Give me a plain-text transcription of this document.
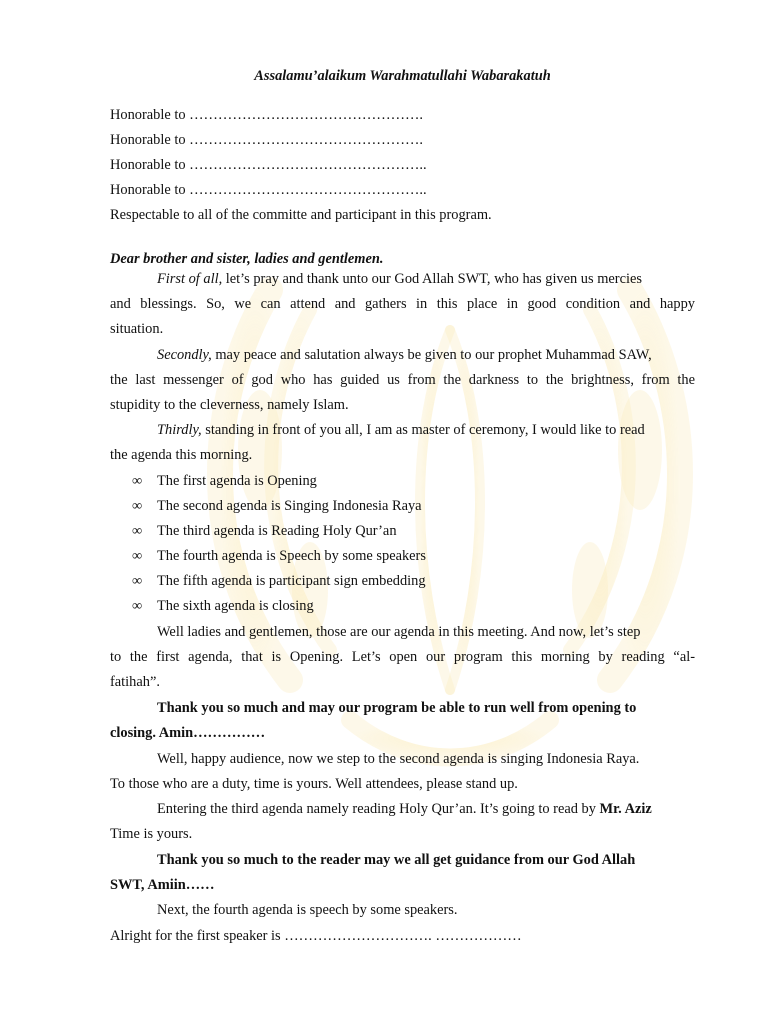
Assalamu’alaikum Warahmatullahi Wabarakatuh
Honorable to ………………………………………….
Honorable to ………………………………………….
Honorable to …………………………………………..
Honorable to …………………………………………..
Respectable to all of the committe and participant in this program.
Dear brother and sister, ladies and gentlemen.
First of all, let’s pray and thank unto our God Allah SWT, who has given us mercies
and blessings. So, we can attend and gathers in this place in good condition and happy
situation.
Secondly, may peace and salutation always be given to our prophet Muhammad SAW,
the last messenger of god who has guided us from the darkness to the brightness, from the
stupidity to the cleverness, namely Islam.
Thirdly, standing in front of you all, I am as master of ceremony, I would like to read
the agenda this morning.
∞ The first agenda is Opening
∞ The second agenda is Singing Indonesia Raya
∞ The third agenda is Reading Holy Qur’an
∞ The fourth agenda is Speech by some speakers
∞ The fifth agenda is participant sign embedding
∞ The sixth agenda is closing
Well ladies and gentlemen, those are our agenda in this meeting. And now, let’s step
to the first agenda, that is Opening. Let’s open our program this morning by reading “al-
fatihah”.
Thank you so much and may our program be able to run well from opening to
closing. Amin……………
Well, happy audience, now we step to the second agenda is singing Indonesia Raya.
To those who are a duty, time is yours. Well attendees, please stand up.
Entering the third agenda namely reading Holy Qur’an. It’s going to read by Mr. Aziz
Time is yours.
Thank you so much to the reader may we all get guidance from our God Allah
SWT, Amiin……
Next, the fourth agenda is speech by some speakers.
Alright for the first speaker is …………………………. ………………
